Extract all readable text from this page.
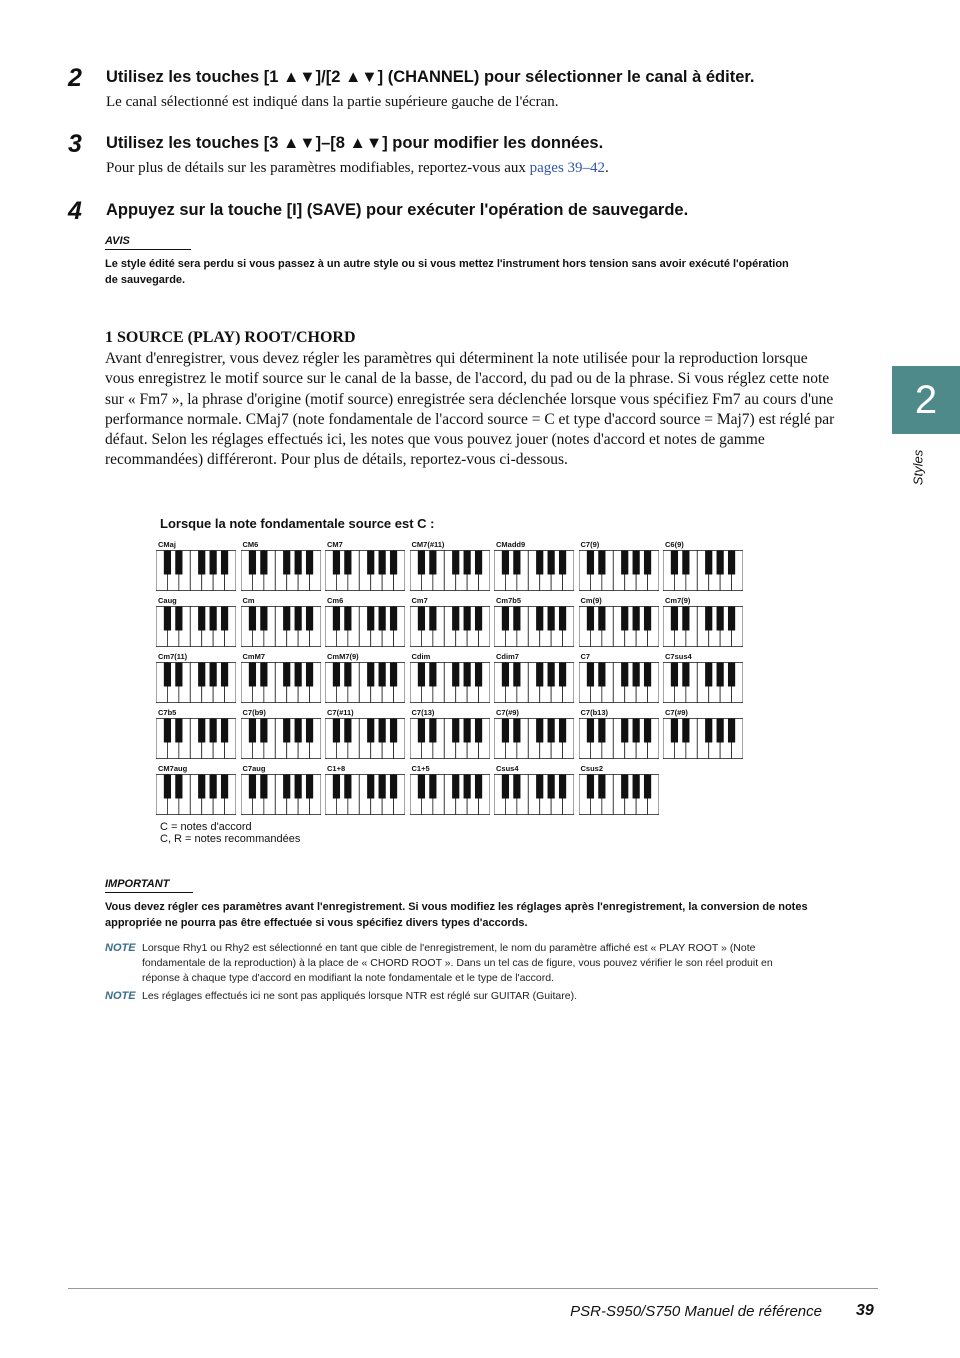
2 Utilisez les touches [1 ▲▼]/[2 ▲▼] (CHANNEL) pour sélectionner le canal à éditer.
Le canal sélectionné est indiqué dans la partie supérieure gauche de l'écran.
3 Utilisez les touches [3 ▲▼]–[8 ▲▼] pour modifier les données.
Pour plus de détails sur les paramètres modifiables, reportez-vous aux pages 39–42.
4 Appuyez sur la touche [I] (SAVE) pour exécuter l'opération de sauvegarde.
AVIS
Le style édité sera perdu si vous passez à un autre style ou si vous mettez l'instrument hors tension sans avoir exécuté l'opération
de sauvegarde.
1 SOURCE (PLAY) ROOT/CHORD
Avant d'enregistrer, vous devez régler les paramètres qui déterminent la note utilisée pour la reproduction lorsque vous enregistrez le motif source sur le canal de la basse, de l'accord, du pad ou de la phrase. Si vous réglez cette note sur « Fm7 », la phrase d'origine (motif source) enregistrée sera déclenchée lorsque vous spécifiez Fm7 au cours d'une performance normale. CMaj7 (note fondamentale de l'accord source = C et type d'accord source = Maj7) est réglé par défaut. Selon les réglages effectués ici, les notes que vous pouvez jouer (notes d'accord et notes de gamme recommandées) différeront. Pour plus de détails, reportez-vous ci-dessous.
2
Styles
Lorsque la note fondamentale source est C :
CMaj	CM6	CM7	CM7(#11)	CMadd9	C7(9)	C6(9)
Caug	Cm	Cm6	Cm7	Cm7b5	Cm(9)	Cm7(9)
Cm7(11)	CmM7	CmM7(9)	Cdim	Cdim7	C7	C7sus4
C7b5	C7(b9)	C7(#11)	C7(13)	C7(#9)	C7(b13)	C7(#9)
CM7aug	C7aug	C1+8	C1+5	Csus4	Csus2
C = notes d'accord
C, R = notes recommandées
IMPORTANT
Vous devez régler ces paramètres avant l'enregistrement. Si vous modifiez les réglages après l'enregistrement, la conversion de notes
appropriée ne pourra pas être effectuée si vous spécifiez divers types d'accords.
NOTE Lorsque Rhy1 ou Rhy2 est sélectionné en tant que cible de l'enregistrement, le nom du paramètre affiché est « PLAY ROOT » (Note fondamentale de la reproduction) à la place de « CHORD ROOT ». Dans un tel cas de figure, vous pouvez vérifier le son réel produit en réponse à chaque type d'accord en modifiant la note fondamentale et le type de l'accord.
NOTE Les réglages effectués ici ne sont pas appliqués lorsque NTR est réglé sur GUITAR (Guitare).
PSR-S950/S750 Manuel de référence 39
